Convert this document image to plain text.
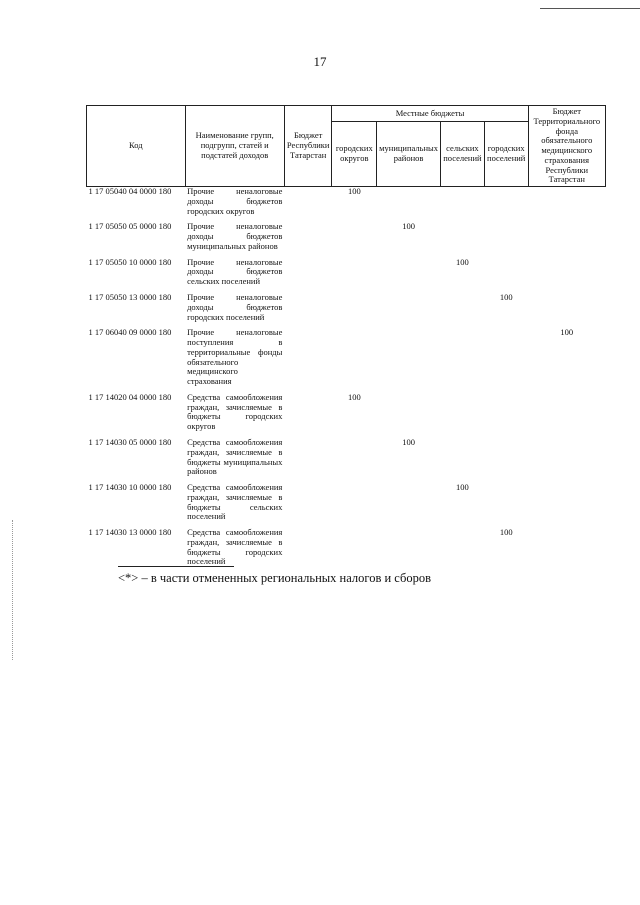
17
Код	Наименование групп, подгрупп, статей и подстатей доходов	Бюджет Республики Татарстан	Местные бюджеты				Бюджет Территориального фонда обязательного медицинского страхования Республики Татарстан
			городских округов	муниципальных районов	сельских поселений	городских поселений	
1 17 05040 04 0000 180	Прочие неналоговые доходы бюджетов городских округов		100				
1 17 05050 05 0000 180	Прочие неналоговые доходы бюджетов муниципальных районов			100			
1 17 05050 10 0000 180	Прочие неналоговые доходы бюджетов сельских поселений				100		
1 17 05050 13 0000 180	Прочие неналоговые доходы бюджетов городских поселений					100	
1 17 06040 09 0000 180	Прочие неналоговые поступления в территориальные фонды обязательного медицинского страхования						100
1 17 14020 04 0000 180	Средства самообложения граждан, зачисляемые в бюджеты городских округов		100				
1 17 14030 05 0000 180	Средства самообложения граждан, зачисляемые в бюджеты муниципальных районов			100			
1 17 14030 10 0000 180	Средства самообложения граждан, зачисляемые в бюджеты сельских поселений				100		
1 17 14030 13 0000 180	Средства самообложения граждан, зачисляемые в бюджеты городских поселений					100	
<*> – в части отмененных региональных налогов и сборов
